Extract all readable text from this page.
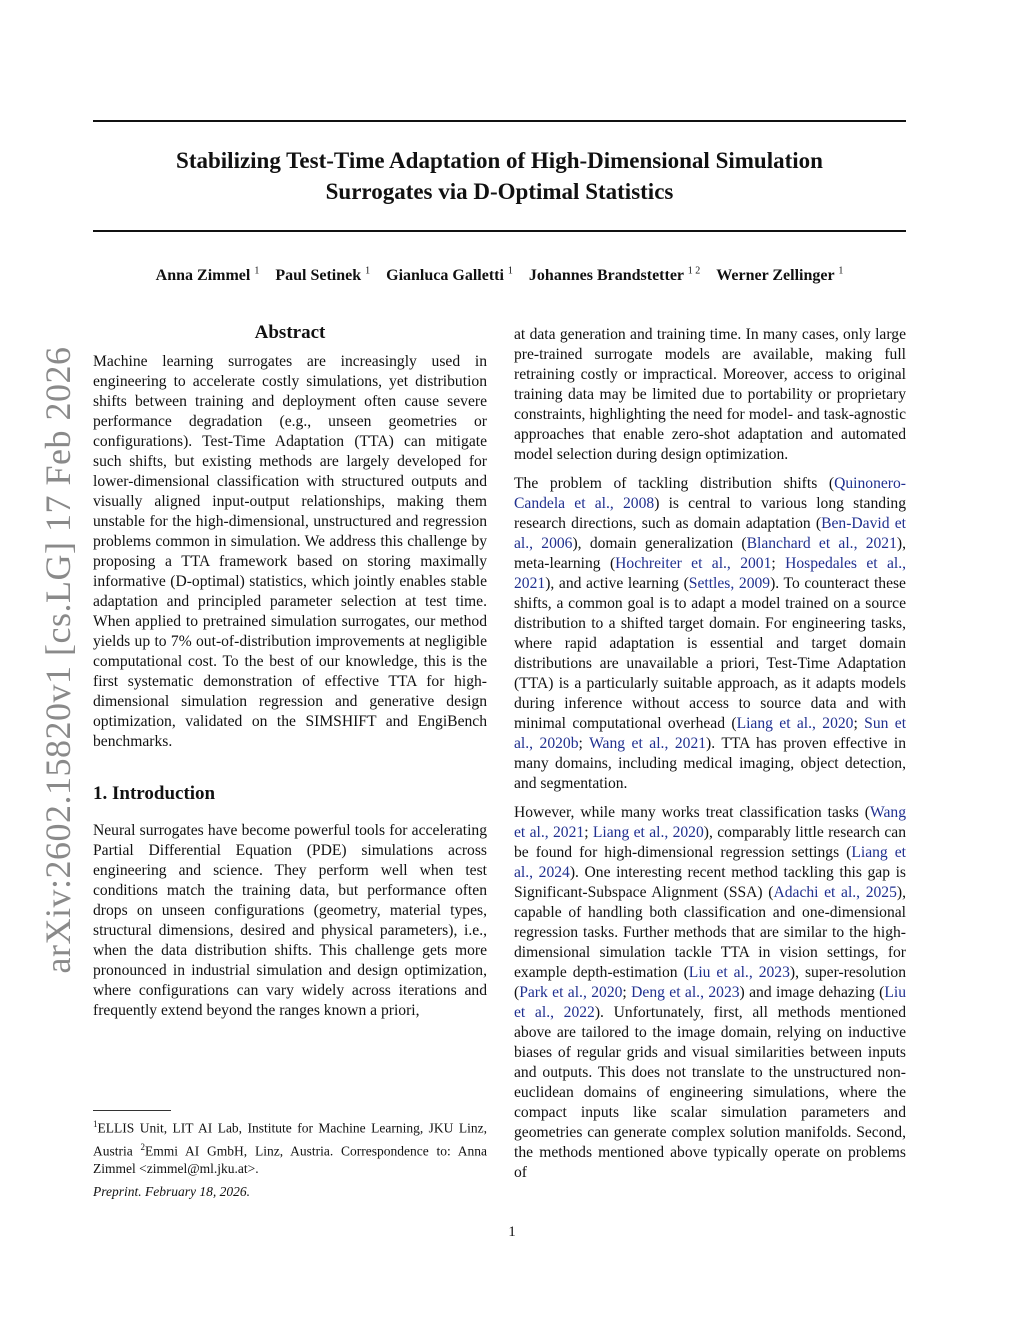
arXiv:2602.15820v1 [cs.LG] 17 Feb 2026
Stabilizing Test-Time Adaptation of High-Dimensional Simulation
Surrogates via D-Optimal Statistics
Anna Zimmel $^1$ Paul Setinek $^1$ Gianluca Galletti $^1$ Johannes Brandstetter $^{1 2}$ Werner Zellinger $^1$
Abstract

Machine learning surrogates are increasingly used in engineering to accelerate costly simulations, yet distribution shifts between training and deployment often cause severe performance degradation (e.g., unseen geometries or configurations). Test-Time Adaptation (TTA) can mitigate such shifts, but existing methods are largely developed for lower-dimensional classification with structured outputs and visually aligned input-output relationships, making them unstable for the high-dimensional, unstructured and regression problems common in simulation. We address this challenge by proposing a TTA framework based on storing maximally informative (D-optimal) statistics, which jointly enables stable adaptation and principled parameter selection at test time. When applied to pretrained simulation surrogates, our method yields up to 7% out-of-distribution improvements at negligible computational cost. To the best of our knowledge, this is the first systematic demonstration of effective TTA for high-dimensional simulation regression and generative design optimization, validated on the SIMSHIFT and EngiBench benchmarks.

1. Introduction

Neural surrogates have become powerful tools for accelerating Partial Differential Equation (PDE) simulations across engineering and science. They perform well when test conditions match the training data, but performance often drops on unseen configurations (geometry, material types, structural dimensions, desired and physical parameters), i.e., when the data distribution shifts. This challenge gets more pronounced in industrial simulation and design optimization, where configurations can vary widely across iterations and frequently extend beyond the ranges known a priori,

at data generation and training time. In many cases, only large pre-trained surrogate models are available, making full retraining costly or impractical. Moreover, access to original training data may be limited due to portability or proprietary constraints, highlighting the need for model- and task-agnostic approaches that enable zero-shot adaptation and automated model selection during design optimization.

The problem of tackling distribution shifts (Quinonero-Candela et al., 2008) is central to various long standing research directions, such as domain adaptation (Ben-David et al., 2006), domain generalization (Blanchard et al., 2021), meta-learning (Hochreiter et al., 2001; Hospedales et al., 2021), and active learning (Settles, 2009). To counteract these shifts, a common goal is to adapt a model trained on a source distribution to a shifted target domain. For engineering tasks, where rapid adaptation is essential and target domain distributions are unavailable a priori, Test-Time Adaptation (TTA) is a particularly suitable approach, as it adapts models during inference without access to source data and with minimal computational overhead (Liang et al., 2020; Sun et al., 2020b; Wang et al., 2021). TTA has proven effective in many domains, including medical imaging, object detection, and segmentation.

However, while many works treat classification tasks (Wang et al., 2021; Liang et al., 2020), comparably little research can be found for high-dimensional regression settings (Liang et al., 2024). One interesting recent method tackling this gap is Significant-Subspace Alignment (SSA) (Adachi et al., 2025), capable of handling both classification and one-dimensional regression tasks. Further methods that are similar to the high-dimensional simulation tackle TTA in vision settings, for example depth-estimation (Liu et al., 2023), super-resolution (Park et al., 2020; Deng et al., 2023) and image dehazing (Liu et al., 2022). Unfortunately, first, all methods mentioned above are tailored to the image domain, relying on inductive biases of regular grids and visual similarities between inputs and outputs. This does not translate to the unstructured non-euclidean domains of engineering simulations, where the compact inputs like scalar simulation parameters and geometries can generate complex solution manifolds. Second, the methods mentioned above typically operate on problems of

$^1$ELLIS Unit, LIT AI Lab, Institute for Machine Learning, JKU Linz, Austria $^2$Emmi AI GmbH, Linz, Austria. Correspondence to: Anna Zimmel <zimmel@ml.jku.at>.
Preprint. February 18, 2026.
1
